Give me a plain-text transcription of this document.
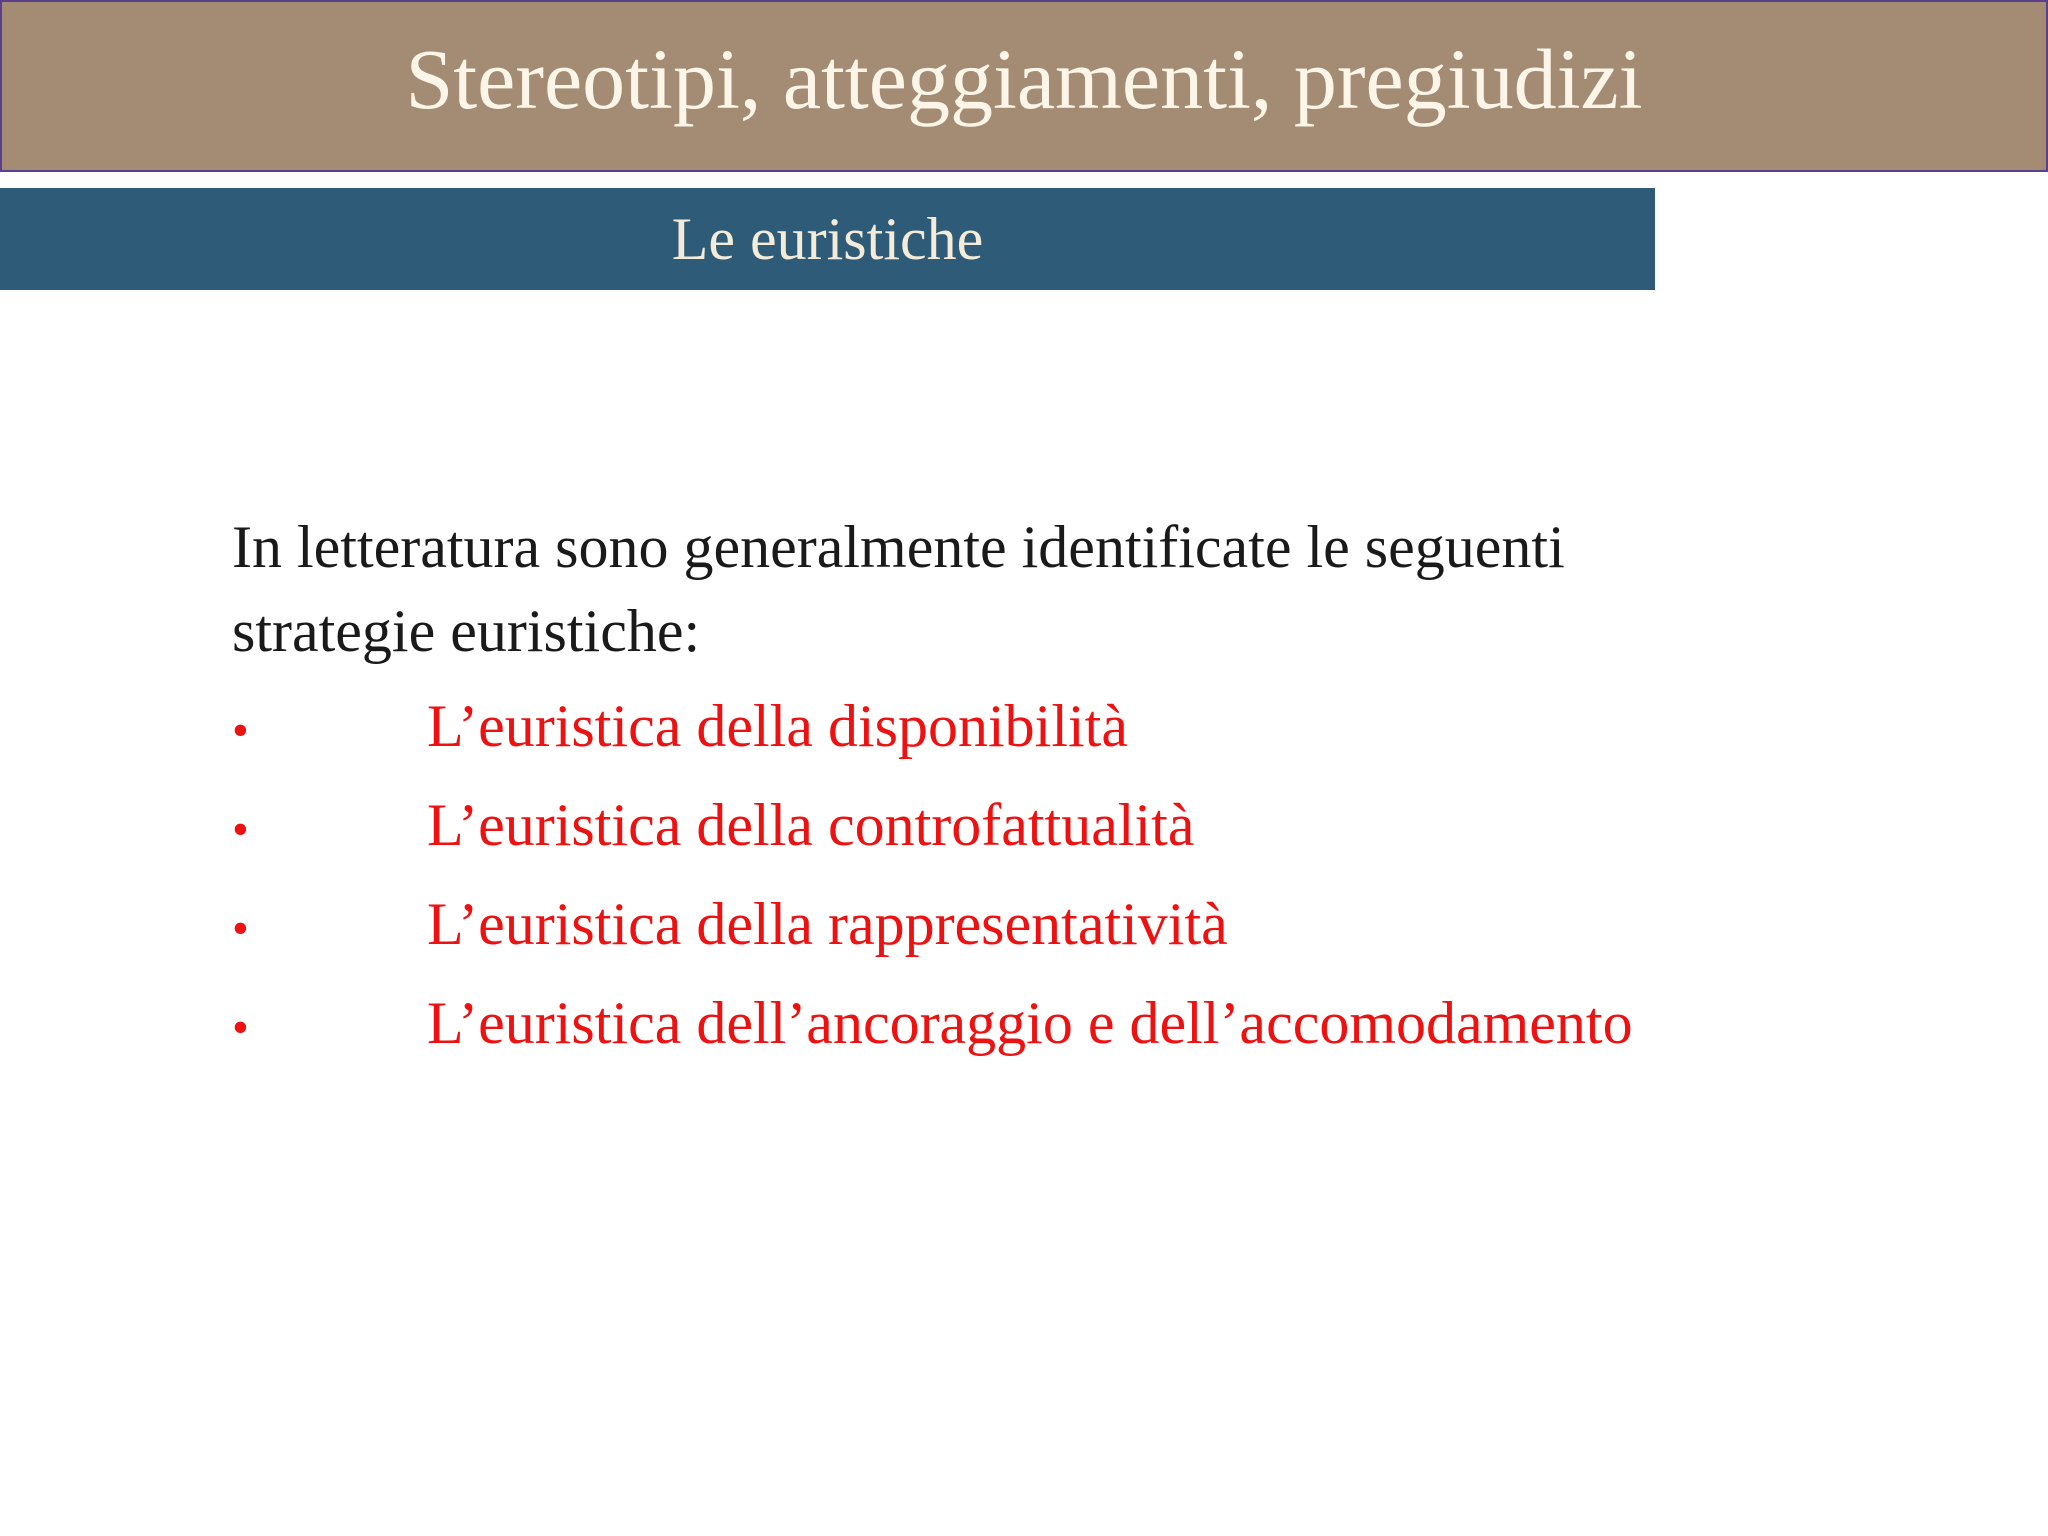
Stereotipi, atteggiamenti, pregiudizi
Le euristiche

In letteratura sono generalmente identificate le seguenti
strategie euristiche:

•	L’euristica della disponibilità
•	L’euristica della controfattualità
•	L’euristica della rappresentatività
•	L’euristica dell’ancoraggio e dell’accomodamento
